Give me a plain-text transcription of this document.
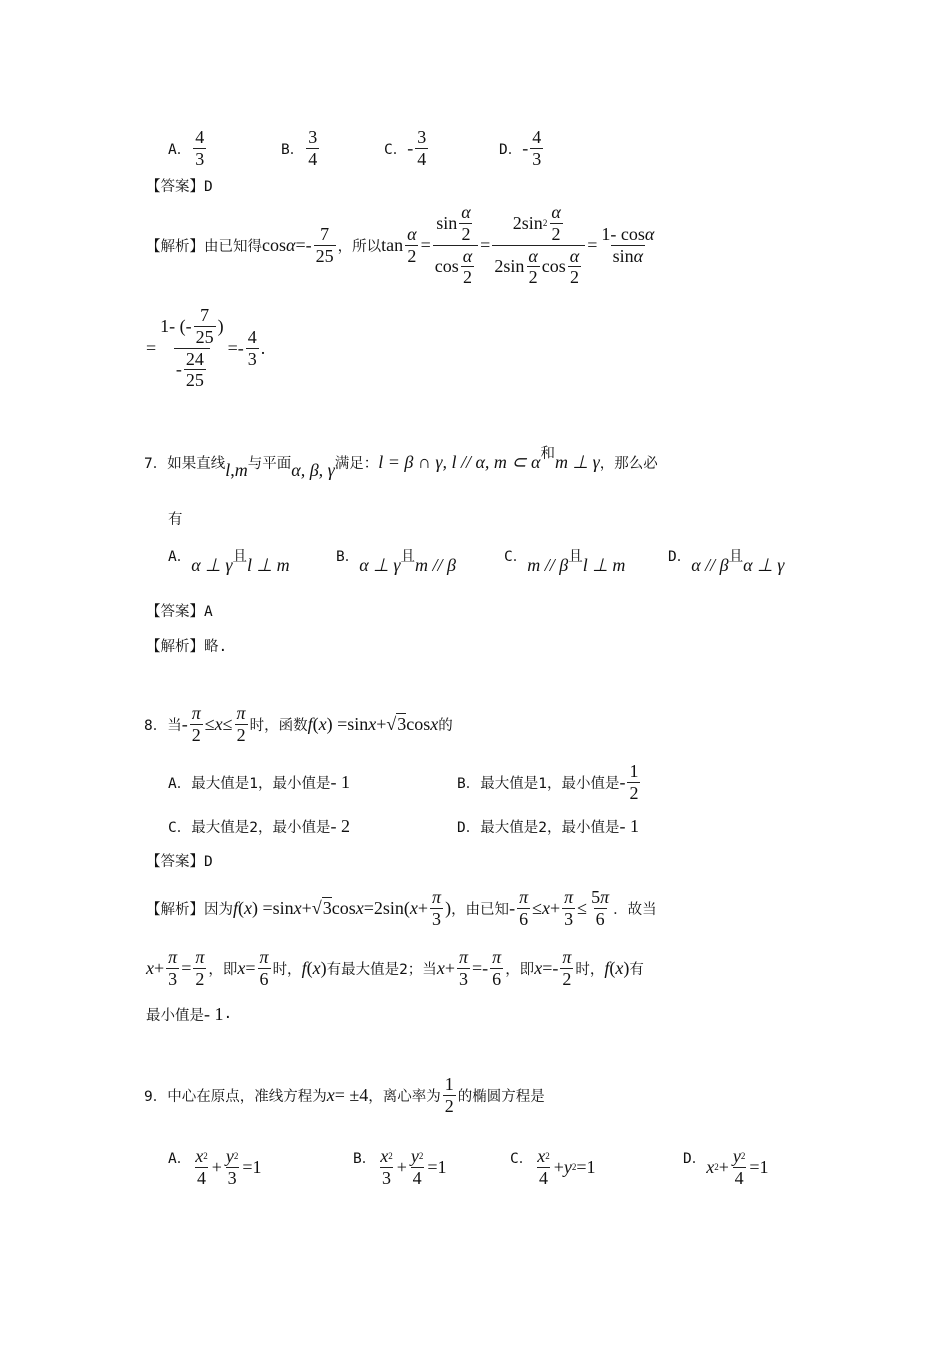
A． $\frac{4}{3}$	B． $\frac{3}{4}$	C． - $\frac{3}{4}$	D． - $\frac{4}{3}$
【答案】D
【解析】由已知得 $\cos \alpha =- \frac{7}{25}$ ，所以 $\tan \frac{\alpha}{2} = \frac{\sin \frac{\alpha}{2}}{\cos \frac{\alpha}{2}} = \frac{2\sin 2 \frac{\alpha}{2}}{2\sin \frac{\alpha}{2} \cos \frac{\alpha}{2}} = \frac{\text{1- cos α}}{\text{sin α}}$
= $\frac{1- (- \frac{7}{25} )}{- \frac{24}{25}} =- \frac{4}{3}$ .
7．如果直线 l , m 与平面 α, β, γ 满足： l = β ∩ γ, l // α, m ⊂ α 和 m ⊥ γ ，那么必
有
A． α ⊥ γ 且 l ⊥ m	B． α ⊥ γ 且 m // β	C． m // β 且 l ⊥ m	D． α // β 且 α ⊥ γ
【答案】A
【解析】略.
8．当 - $\frac{\pi}{2} \le x \le \frac{\pi}{2}$ 时，函数 f ( x ) =sin x + √3 cos x 的
A．最大值是1，最小值是 - 1	B．最大值是1，最小值是 - $\frac{1}{2}$
C．最大值是2，最小值是 - 2	D．最大值是2，最小值是 - 1
【答案】D
【解析】因为 f ( x ) =sin x + √3 cos x =2sin( $x + \frac{\pi}{3}$ ) ，由已知 - $\frac{\pi}{6} \le x + \frac{\pi}{3} \le \frac{5 \pi}{6}$ ．故当
$x + \frac{\pi}{3} = \frac{\pi}{2}$ ，即 $x = \frac{\pi}{6}$ 时， f ( x ) 有最大值是2；当 $x + \frac{\pi}{3} =- \frac{\pi}{6}$ ，即 $x =- \frac{\pi}{2}$ 时， f ( x ) 有
最小值是 - 1 .
9．中心在原点，准线方程为 x = ±4 ，离心率为 $\frac{1}{2}$ 的椭圆方程是
A． $\frac{x 2}{4} + \frac{y 2}{3} =1$	B． $\frac{x 2}{3} + \frac{y 2}{4} =1$	C． $\frac{x 2}{4} + y$ 2 =1	D． x $2 + \frac{y 2}{4} =1$
